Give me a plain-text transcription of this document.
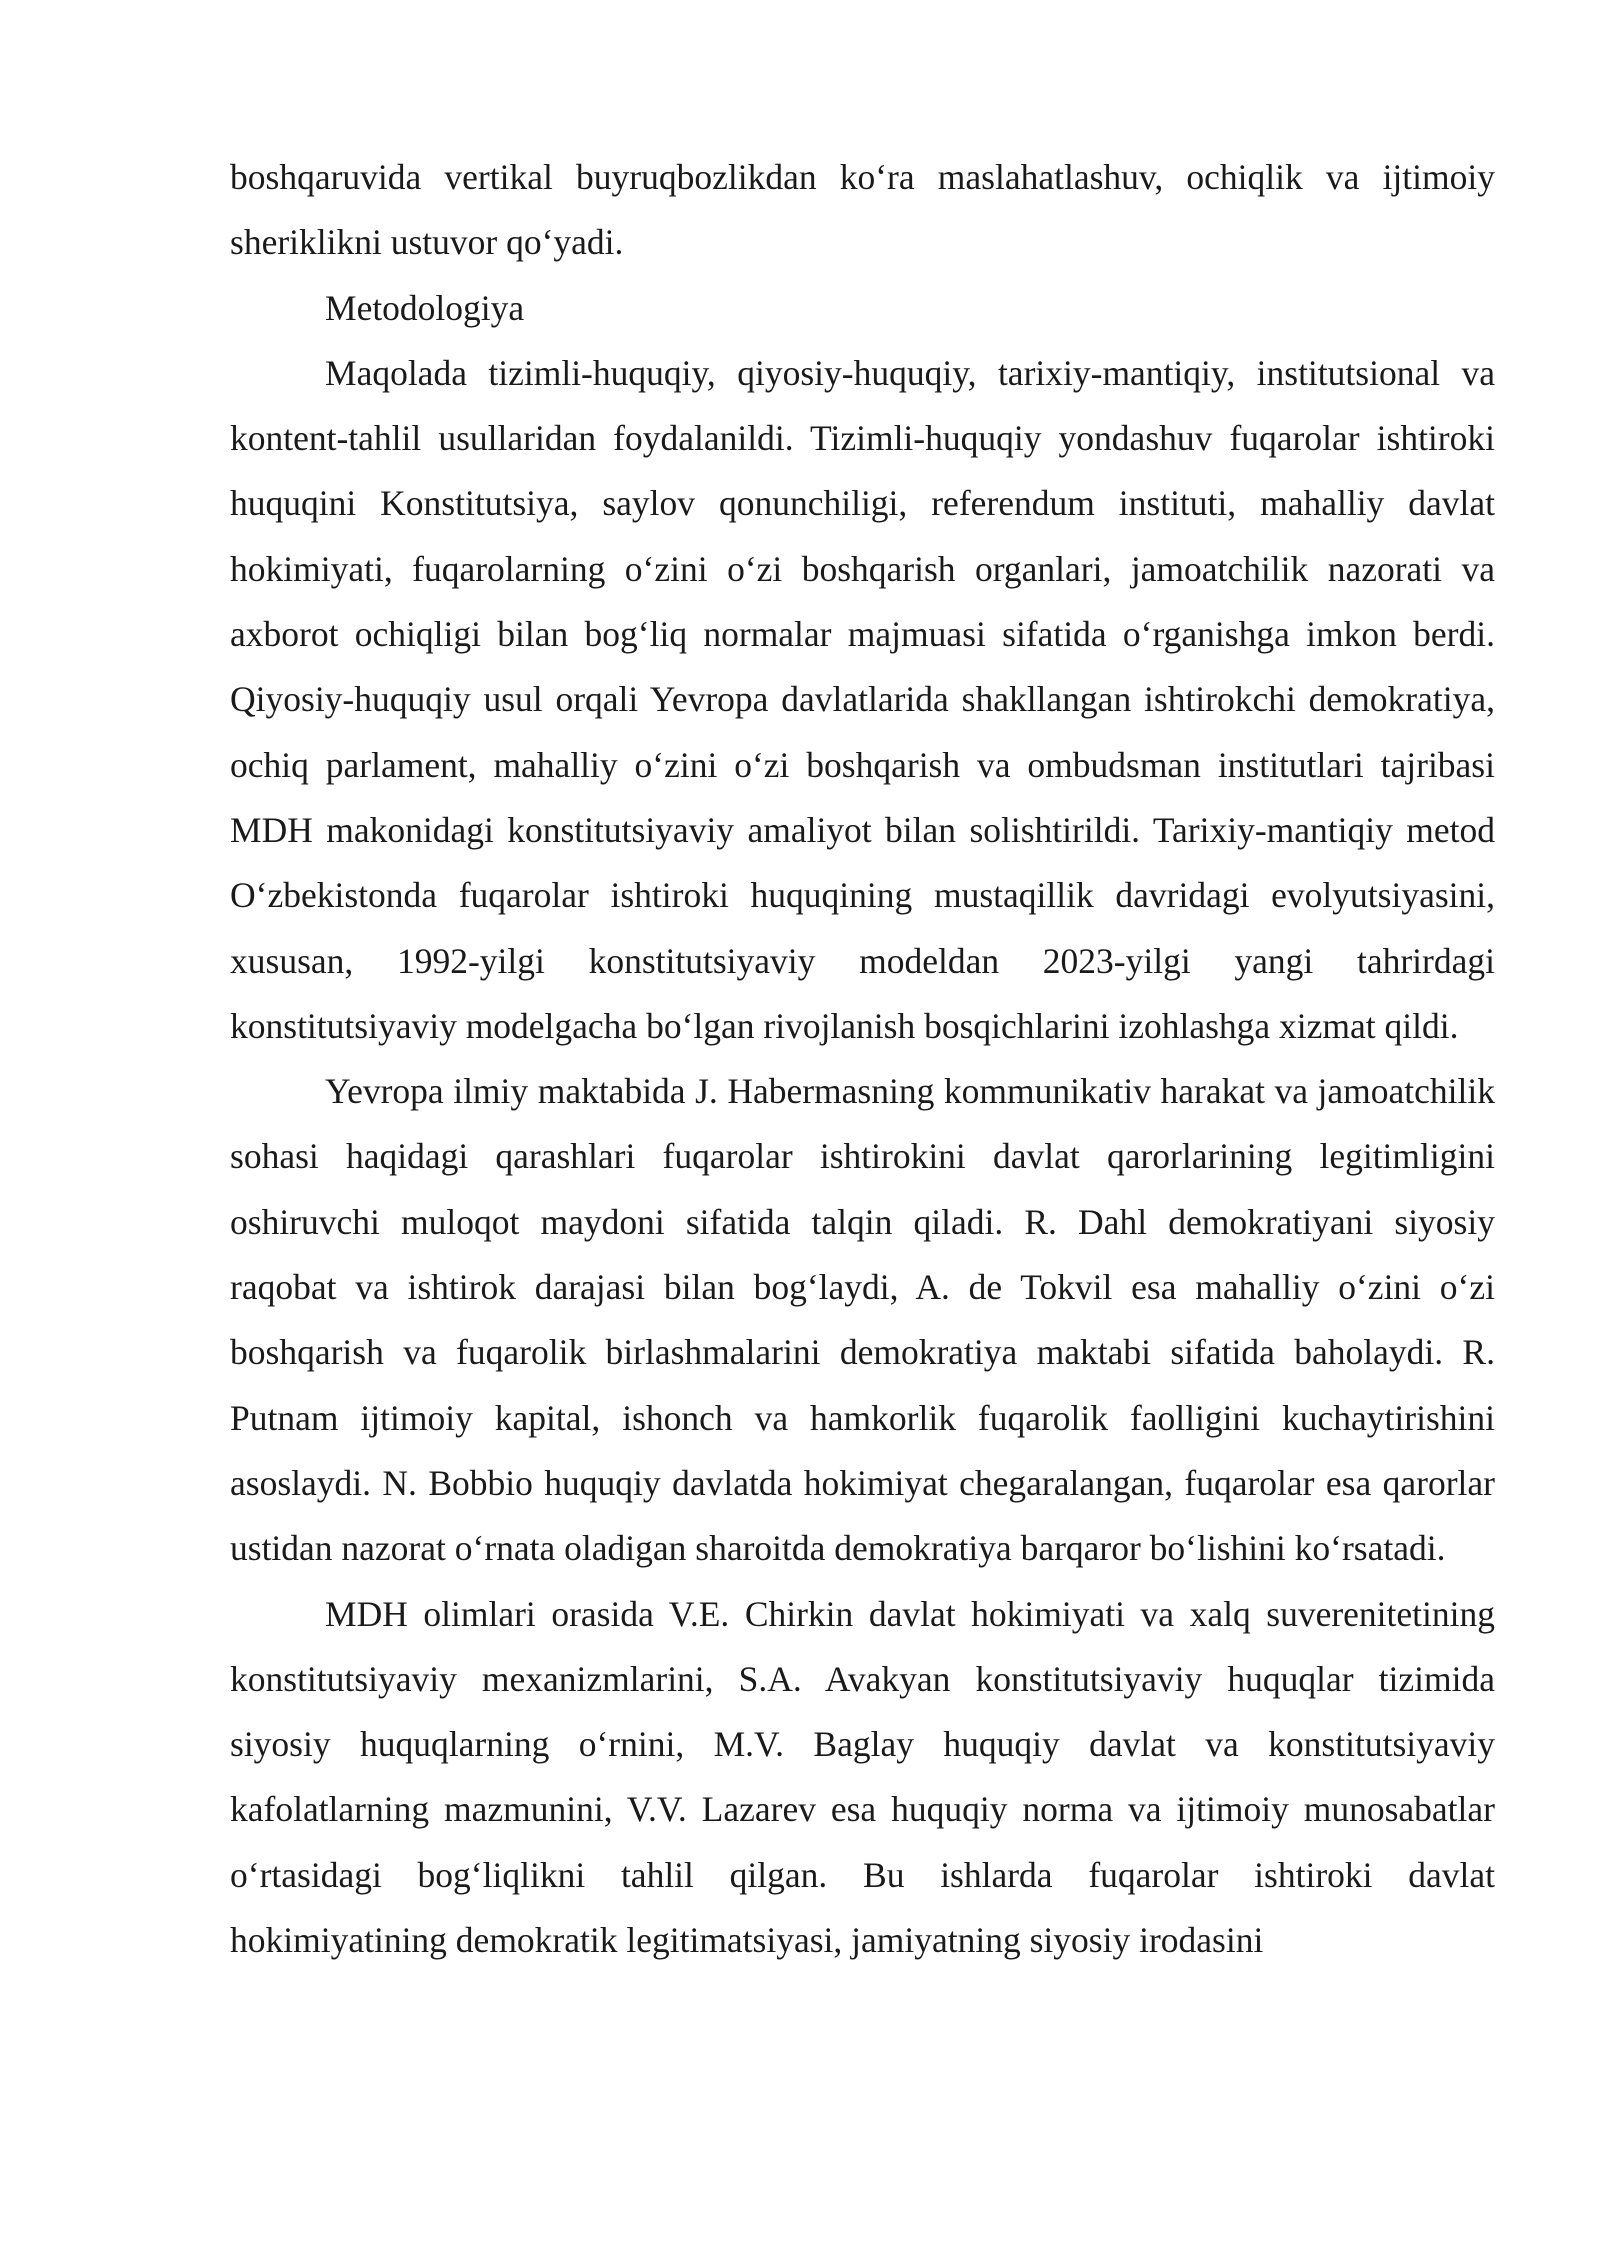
boshqaruvida vertikal buyruqbozlikdan ko‘ra maslahatlashuv, ochiqlik va ijtimoiy sheriklikni ustuvor qo‘yadi.

Metodologiya

Maqolada tizimli-huquqiy, qiyosiy-huquqiy, tarixiy-mantiqiy, institutsional va kontent-tahlil usullaridan foydalanildi. Tizimli-huquqiy yondashuv fuqarolar ishtiroki huquqini Konstitutsiya, saylov qonunchiligi, referendum instituti, mahalliy davlat hokimiyati, fuqarolarning o‘zini o‘zi boshqarish organlari, jamoatchilik nazorati va axborot ochiqligi bilan bog‘liq normalar majmuasi sifatida o‘rganishga imkon berdi. Qiyosiy-huquqiy usul orqali Yevropa davlatlarida shakllangan ishtirokchi demokratiya, ochiq parlament, mahalliy o‘zini o‘zi boshqarish va ombudsman institutlari tajribasi MDH makonidagi konstitutsiyaviy amaliyot bilan solishtirildi. Tarixiy-mantiqiy metod O‘zbekistonda fuqarolar ishtiroki huquqining mustaqillik davridagi evolyutsiyasini, xususan, 1992-yilgi konstitutsiyaviy modeldan 2023-yilgi yangi tahrirdagi konstitutsiyaviy modelgacha bo‘lgan rivojlanish bosqichlarini izohlashga xizmat qildi.

Yevropa ilmiy maktabida J. Habermasning kommunikativ harakat va jamoatchilik sohasi haqidagi qarashlari fuqarolar ishtirokini davlat qarorlarining legitimligini oshiruvchi muloqot maydoni sifatida talqin qiladi. R. Dahl demokratiyani siyosiy raqobat va ishtirok darajasi bilan bog‘laydi, A. de Tokvil esa mahalliy o‘zini o‘zi boshqarish va fuqarolik birlashmalarini demokratiya maktabi sifatida baholaydi. R. Putnam ijtimoiy kapital, ishonch va hamkorlik fuqarolik faolligini kuchaytirishini asoslaydi. N. Bobbio huquqiy davlatda hokimiyat chegaralangan, fuqarolar esa qarorlar ustidan nazorat o‘rnata oladigan sharoitda demokratiya barqaror bo‘lishini ko‘rsatadi.

MDH olimlari orasida V.E. Chirkin davlat hokimiyati va xalq suverenitetining konstitutsiyaviy mexanizmlarini, S.A. Avakyan konstitutsiyaviy huquqlar tizimida siyosiy huquqlarning o‘rnini, M.V. Baglay huquqiy davlat va konstitutsiyaviy kafolatlarning mazmunini, V.V. Lazarev esa huquqiy norma va ijtimoiy munosabatlar o‘rtasidagi bog‘liqlikni tahlil qilgan. Bu ishlarda fuqarolar ishtiroki davlat hokimiyatining demokratik legitimatsiyasi, jamiyatning siyosiy irodasini
